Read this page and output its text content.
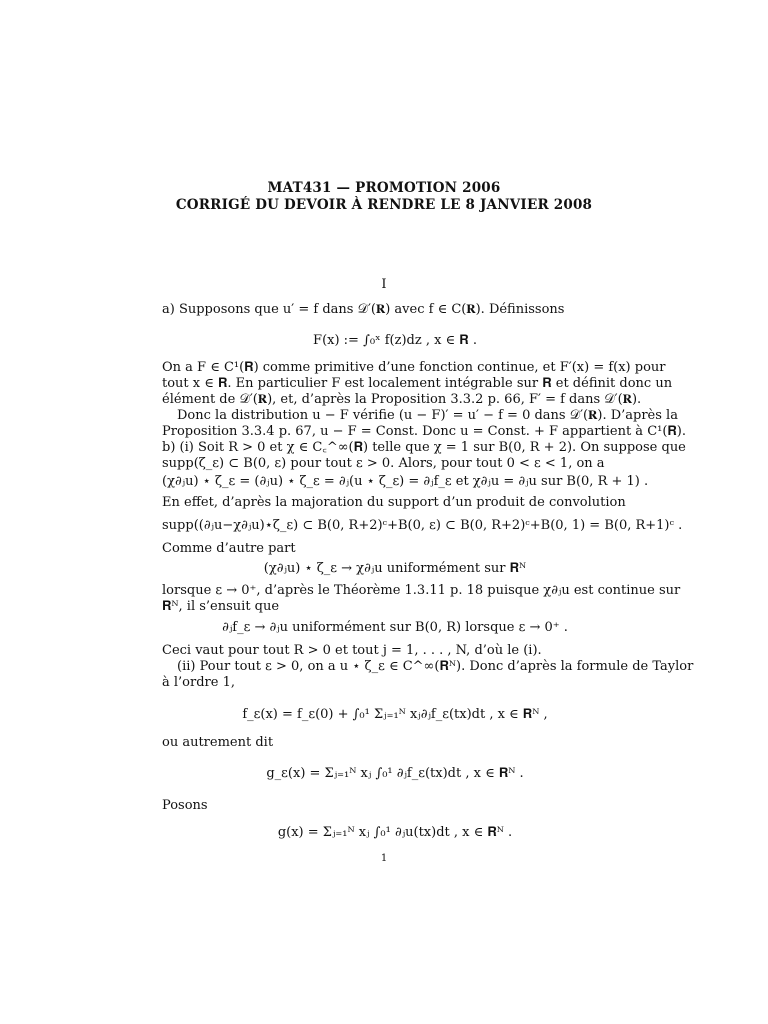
MAT431 — PROMOTION 2006
CORRIGÉ DU DEVOIR À RENDRE LE 8 JANVIER 2008
I
a) Supposons que u′ = f dans 𝒟′(𝐑) avec f ∈ C(𝐑). Définissons
F(x) := ∫₀ˣ f(z)dz , x ∈ 𝐑 .
On a F ∈ C¹(𝐑) comme primitive d’une fonction continue, et F′(x) = f(x) pour
tout x ∈ 𝐑. En particulier F est localement intégrable sur 𝐑 et définit donc un
élément de 𝒟′(𝐑), et, d’après la Proposition 3.3.2 p. 66, F′ = f dans 𝒟′(𝐑).
Donc la distribution u − F vérifie (u − F)′ = u′ − f = 0 dans 𝒟′(𝐑). D’après la
Proposition 3.3.4 p. 67, u − F = Const. Donc u = Const. + F appartient à C¹(𝐑).
b) (i) Soit R > 0 et χ ∈ C꜀^∞(𝐑) telle que χ = 1 sur B(0, R + 2). On suppose que
supp(ζ_ε) ⊂ B(0, ε) pour tout ε > 0. Alors, pour tout 0 < ε < 1, on a
(χ∂ⱼu) ⋆ ζ_ε = (∂ⱼu) ⋆ ζ_ε = ∂ⱼ(u ⋆ ζ_ε) = ∂ⱼf_ε et χ∂ⱼu = ∂ⱼu sur B(0, R + 1) .
En effet, d’après la majoration du support d’un produit de convolution
supp((∂ⱼu−χ∂ⱼu)⋆ζ_ε) ⊂ B(0, R+2)ᶜ+B(0, ε) ⊂ B(0, R+2)ᶜ+B(0, 1) = B(0, R+1)ᶜ .
Comme d’autre part
(χ∂ⱼu) ⋆ ζ_ε → χ∂ⱼu uniformément sur 𝐑ᴺ
lorsque ε → 0⁺, d’après le Théorème 1.3.11 p. 18 puisque χ∂ⱼu est continue sur
𝐑ᴺ, il s’ensuit que
∂ⱼf_ε → ∂ⱼu uniformément sur B(0, R) lorsque ε → 0⁺ .
Ceci vaut pour tout R > 0 et tout j = 1, . . . , N, d’où le (i).
(ii) Pour tout ε > 0, on a u ⋆ ζ_ε ∈ C^∞(𝐑ᴺ). Donc d’après la formule de Taylor
à l’ordre 1,
f_ε(x) = f_ε(0) + ∫₀¹ Σⱼ₌₁ᴺ xⱼ∂ⱼf_ε(tx)dt , x ∈ 𝐑ᴺ ,
ou autrement dit
g_ε(x) = Σⱼ₌₁ᴺ xⱼ ∫₀¹ ∂ⱼf_ε(tx)dt , x ∈ 𝐑ᴺ .
Posons
g(x) = Σⱼ₌₁ᴺ xⱼ ∫₀¹ ∂ⱼu(tx)dt , x ∈ 𝐑ᴺ .
1
